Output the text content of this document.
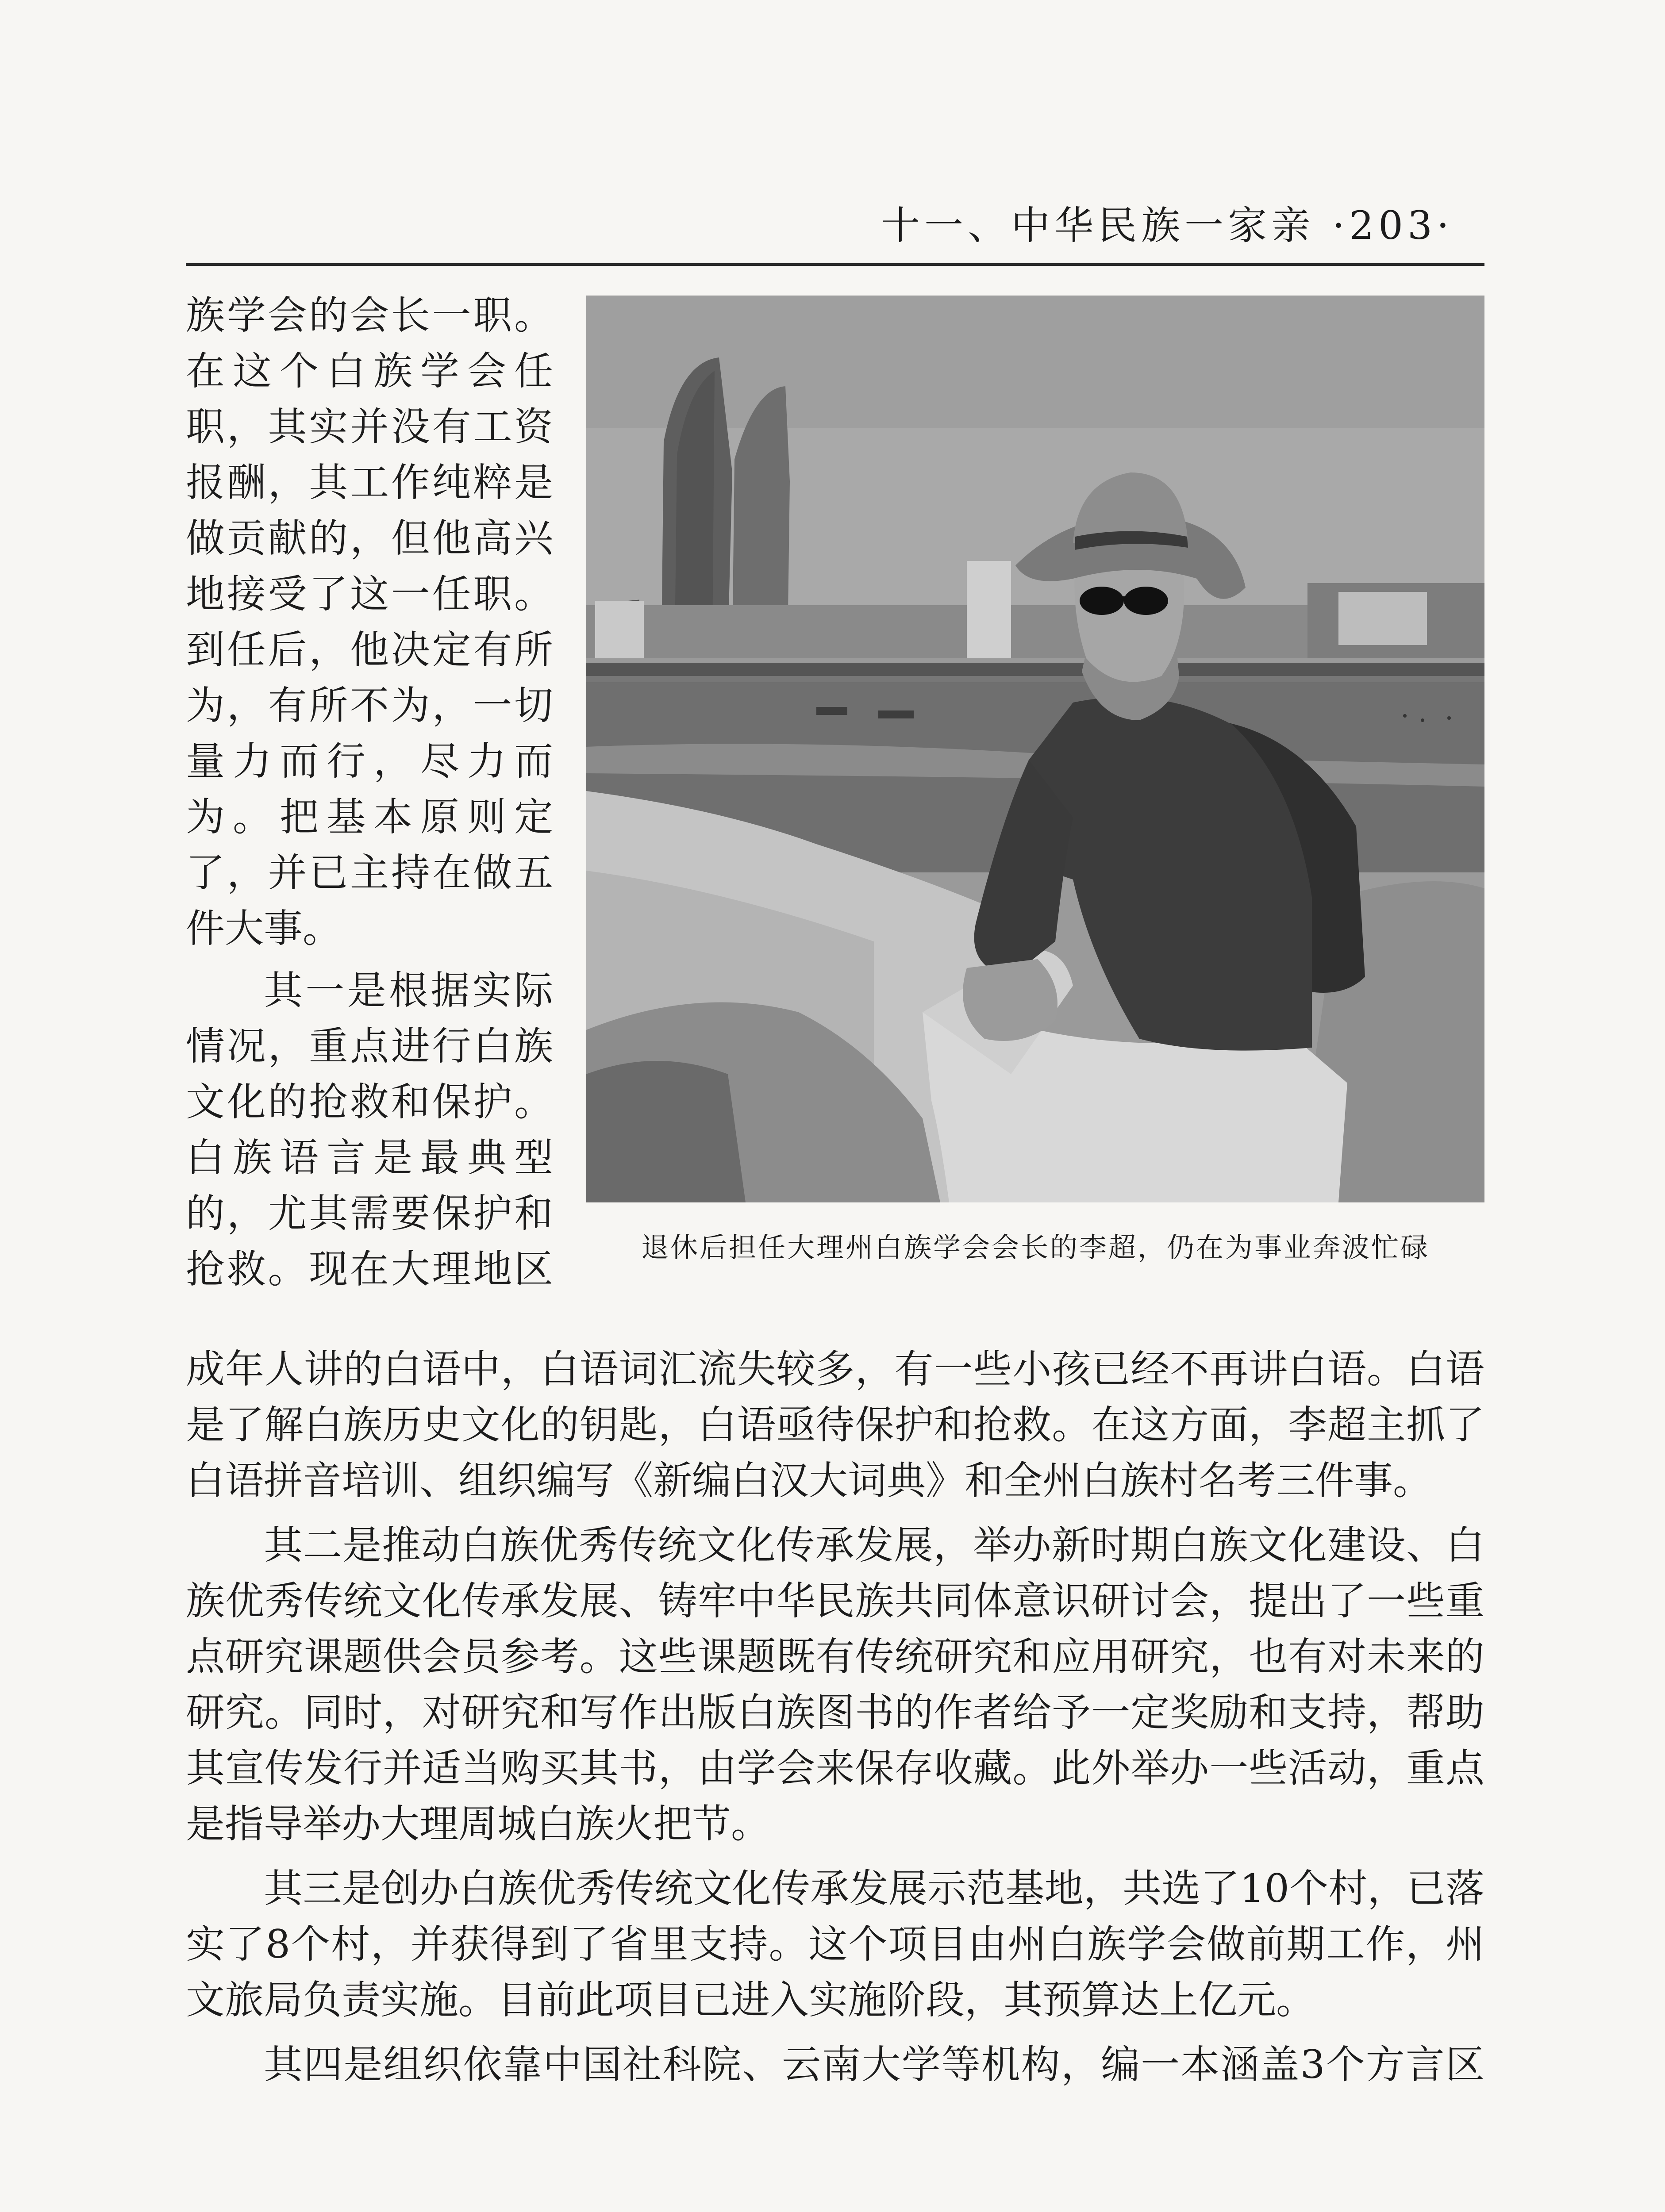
十一、中华民族一家亲 ·203·
族学会的会长一职。
在这个白族学会任
职，其实并没有工资
报酬，其工作纯粹是
做贡献的，但他高兴
地接受了这一任职。
到任后，他决定有所
为，有所不为，一切
量力而行，尽力而
为。把基本原则定
了，并已主持在做五
件大事。
其一是根据实际
情况，重点进行白族
文化的抢救和保护。
白族语言是最典型
的，尤其需要保护和
抢救。现在大理地区	退休后担任大理州白族学会会长的李超，仍在为事业奔波忙碌
成年人讲的白语中，白语词汇流失较多，有一些小孩已经不再讲白语。白语
是了解白族历史文化的钥匙，白语亟待保护和抢救。在这方面，李超主抓了
白语拼音培训、组织编写《新编白汉大词典》和全州白族村名考三件事。
其二是推动白族优秀传统文化传承发展，举办新时期白族文化建设、白
族优秀传统文化传承发展、铸牢中华民族共同体意识研讨会，提出了一些重
点研究课题供会员参考。这些课题既有传统研究和应用研究，也有对未来的
研究。同时，对研究和写作出版白族图书的作者给予一定奖励和支持，帮助
其宣传发行并适当购买其书，由学会来保存收藏。此外举办一些活动，重点
是指导举办大理周城白族火把节。
其三是创办白族优秀传统文化传承发展示范基地，共选了10个村，已落
实了8个村，并获得到了省里支持。这个项目由州白族学会做前期工作，州
文旅局负责实施。目前此项目已进入实施阶段，其预算达上亿元。
其四是组织依靠中国社科院、云南大学等机构，编一本涵盖3个方言区
